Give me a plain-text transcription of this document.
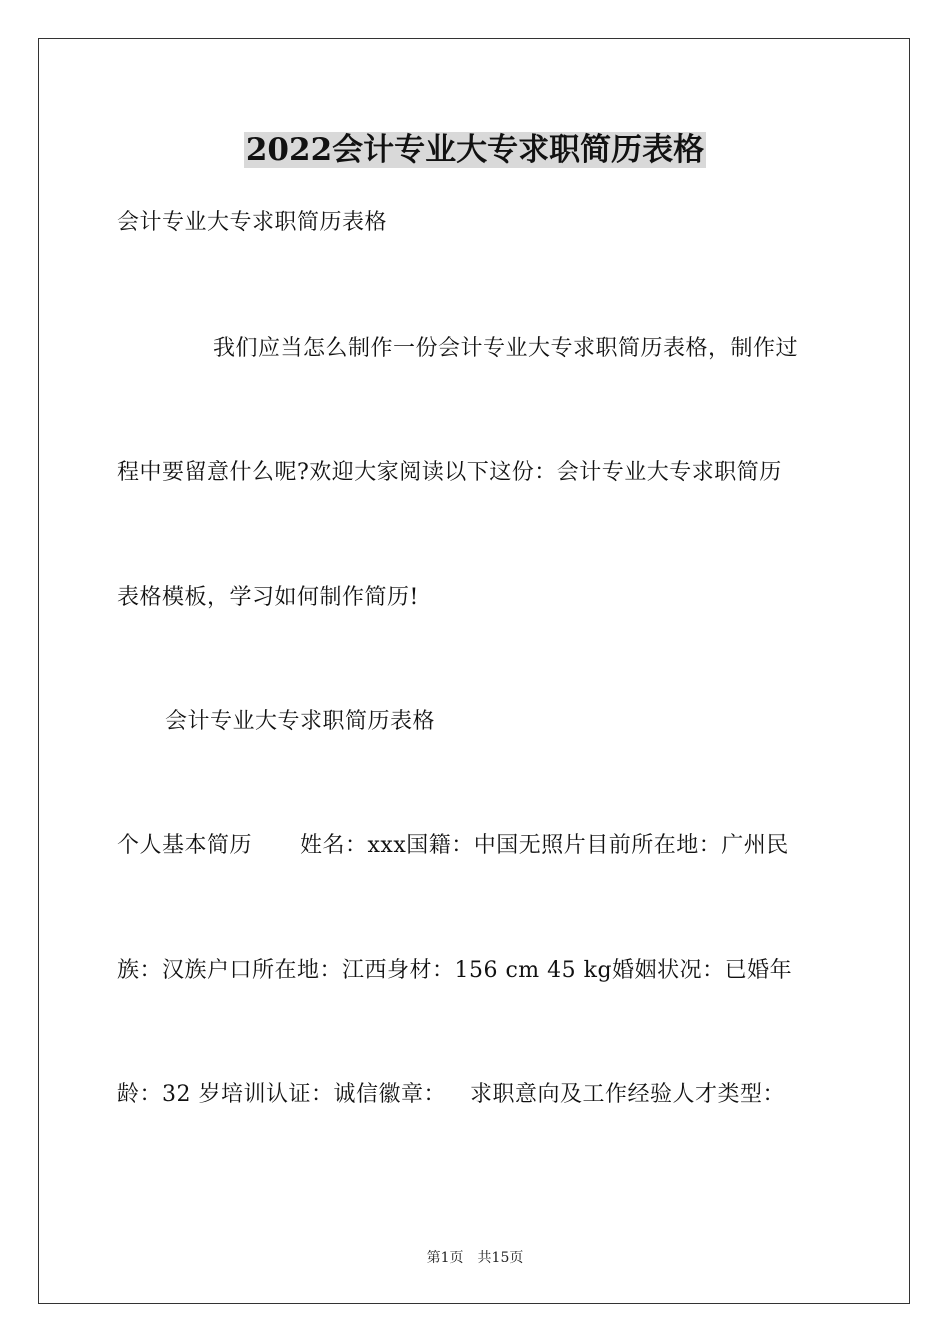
2022会计专业大专求职简历表格
会计专业大专求职简历表格
我们应当怎么制作一份会计专业大专求职简历表格，制作过
程中要留意什么呢?欢迎大家阅读以下这份：会计专业大专求职简历
表格模板，学习如何制作简历!
会计专业大专求职简历表格
个人基本简历 姓名：xxx国籍：中国无照片目前所在地：广州民
族：汉族户口所在地：江西身材：156 cm 45 kg婚姻状况：已婚年
龄：32 岁培训认证：诚信徽章： 求职意向及工作经验人才类型：
第1页 共15页
